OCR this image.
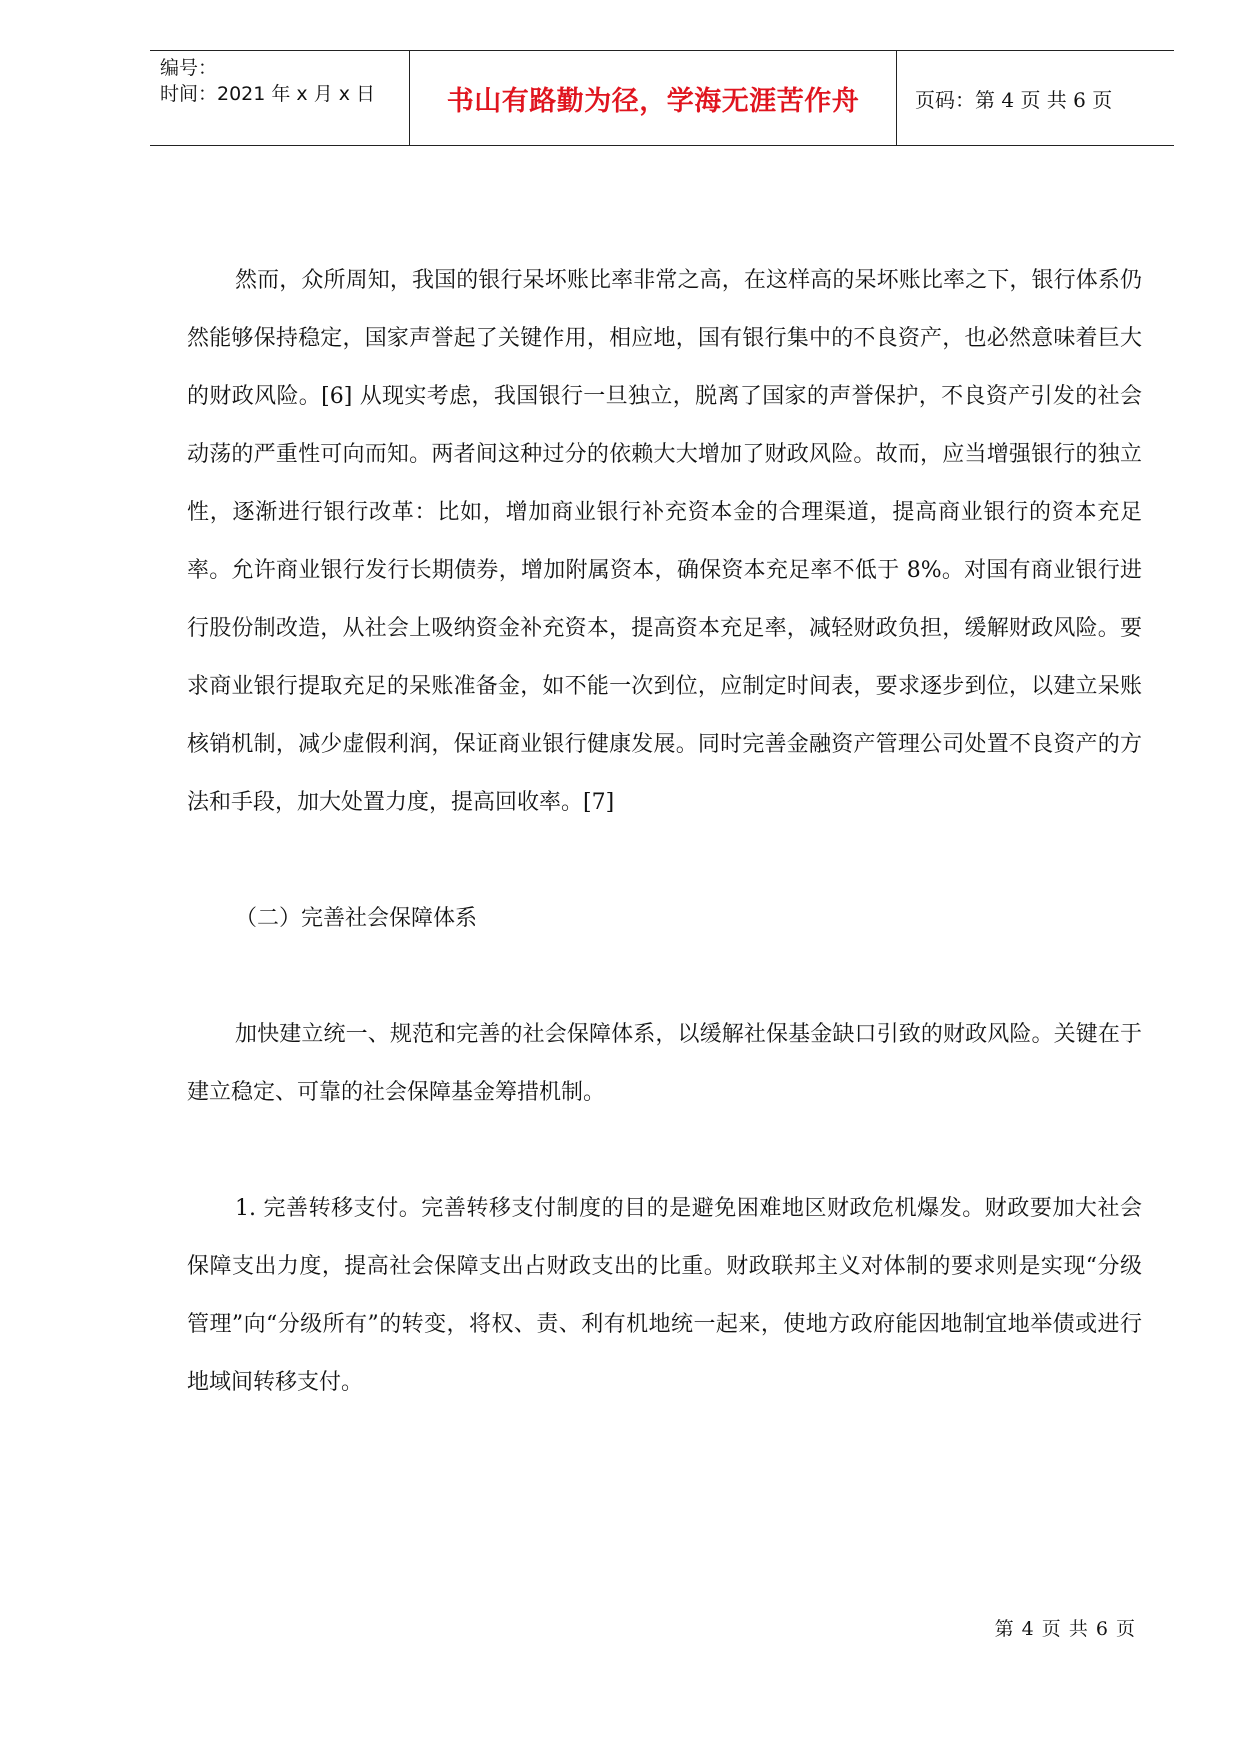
编号：
时间：2021 年 x 月 x 日	书山有路勤为径，学海无涯苦作舟	页码：第 4 页 共 6 页

然而，众所周知，我国的银行呆坏账比率非常之高，在这样高的呆坏账比率之下，银行体系仍然能够保持稳定，国家声誉起了关键作用，相应地，国有银行集中的不良资产，也必然意味着巨大的财政风险。[6] 从现实考虑，我国银行一旦独立，脱离了国家的声誉保护，不良资产引发的社会动荡的严重性可向而知。两者间这种过分的依赖大大增加了财政风险。故而，应当增强银行的独立性，逐渐进行银行改革：比如，增加商业银行补充资本金的合理渠道，提高商业银行的资本充足率。允许商业银行发行长期债券，增加附属资本，确保资本充足率不低于 8%。对国有商业银行进行股份制改造，从社会上吸纳资金补充资本，提高资本充足率，减轻财政负担，缓解财政风险。要求商业银行提取充足的呆账准备金，如不能一次到位，应制定时间表，要求逐步到位，以建立呆账核销机制，减少虚假利润，保证商业银行健康发展。同时完善金融资产管理公司处置不良资产的方法和手段，加大处置力度，提高回收率。[7]

（二）完善社会保障体系

加快建立统一、规范和完善的社会保障体系，以缓解社保基金缺口引致的财政风险。关键在于建立稳定、可靠的社会保障基金筹措机制。

1. 完善转移支付。完善转移支付制度的目的是避免困难地区财政危机爆发。财政要加大社会保障支出力度，提高社会保障支出占财政支出的比重。财政联邦主义对体制的要求则是实现“分级管理”向“分级所有”的转变，将权、责、利有机地统一起来，使地方政府能因地制宜地举债或进行地域间转移支付。

第 4 页 共 6 页
